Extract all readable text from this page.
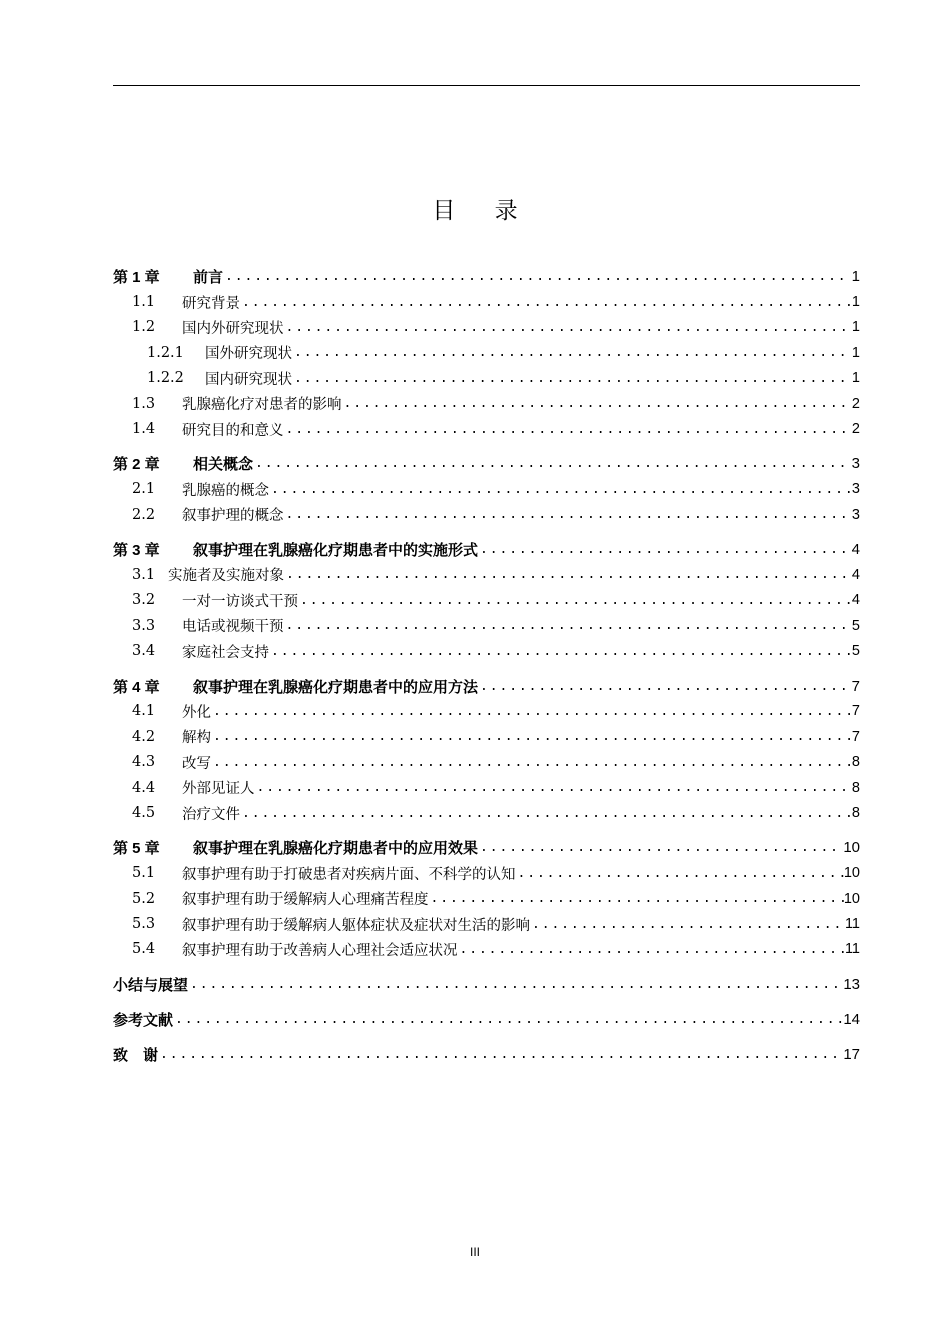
目 录
第 1 章	前言 .....	1
1.1	研究背景 .....	1
1.2	国内外研究现状 .....	1
1.2.1	国外研究现状 .....	1
1.2.2	国内研究现状 .....	1
1.3	乳腺癌化疗对患者的影响 .....	2
1.4	研究目的和意义 .....	2
第 2 章	相关概念 .....	3
2.1	乳腺癌的概念 .....	3
2.2	叙事护理的概念 .....	3
第 3 章	叙事护理在乳腺癌化疗期患者中的实施形式 .....	4
3.1 实施者及实施对象 .....	4
3.2	一对一访谈式干预 .....	4
3.3	电话或视频干预 .....	5
3.4	家庭社会支持 .....	5
第 4 章	叙事护理在乳腺癌化疗期患者中的应用方法 .....	7
4.1	外化 .....	7
4.2	解构 .....	7
4.3	改写 .....	8
4.4	外部见证人 .....	8
4.5	治疗文件 .....	8
第 5 章	叙事护理在乳腺癌化疗期患者中的应用效果 .....	10
5.1	叙事护理有助于打破患者对疾病片面、不科学的认知 .....	10
5.2	叙事护理有助于缓解病人心理痛苦程度 .....	10
5.3	叙事护理有助于缓解病人躯体症状及症状对生活的影响 .....	11
5.4	叙事护理有助于改善病人心理社会适应状况 .....	11
小结与展望 .....	13
参考文献 .....	14
致　谢 .....	17
III
